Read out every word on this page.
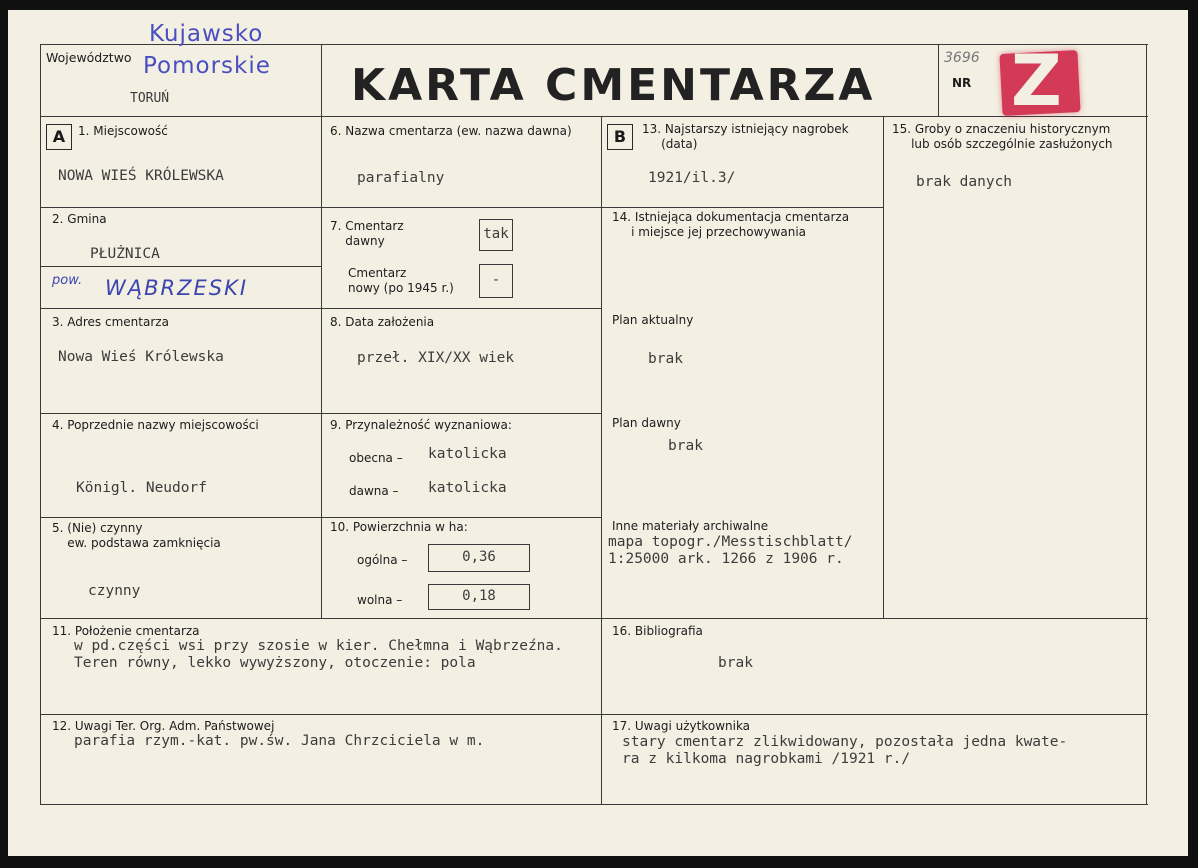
Województwo
Kujawsko
Pomorskie
TORUŃ	KARTA CMENTARZA	NR
3696 Z
A	B
1. Miejscowość
NOWA WIEŚ KRÓLEWSKA
2. Gmina
PŁUŻNICA
pow. WĄBRZESKI
3. Adres cmentarza
Nowa Wieś Królewska
4. Poprzednie nazwy miejscowości
Königl. Neudorf
5. (Nie) czynny
ew. podstawa zamknięcia
czynny
6. Nazwa cmentarza (ew. nazwa dawna)
parafialny
7. Cmentarz
dawny	tak
Cmentarz
nowy (po 1945 r.)	-
8. Data założenia
przeł. XIX/XX wiek
9. Przynależność wyznaniowa:
obecna – katolicka
dawna – katolicka
10. Powierzchnia w ha:
ogólna –	0,36
wolna –	0,18
13. Najstarszy istniejący nagrobek
(data)
1921/il.3/
14. Istniejąca dokumentacja cmentarza
i miejsce jej przechowywania
Plan aktualny
brak
Plan dawny
brak
Inne materiały archiwalne
mapa topogr./Messtischblatt/
1:25000 ark. 1266 z 1906 r.
15. Groby o znaczeniu historycznym
lub osób szczególnie zasłużonych
brak danych
11. Położenie cmentarza
w pd.części wsi przy szosie w kier. Chełmna i Wąbrzeźna.
Teren równy, lekko wywyższony, otoczenie: pola
16. Bibliografia
brak
12. Uwagi Ter. Org. Adm. Państwowej
parafia rzym.-kat. pw.św. Jana Chrzciciela w m.
17. Uwagi użytkownika
stary cmentarz zlikwidowany, pozostała jedna kwate-
ra z kilkoma nagrobkami /1921 r./
